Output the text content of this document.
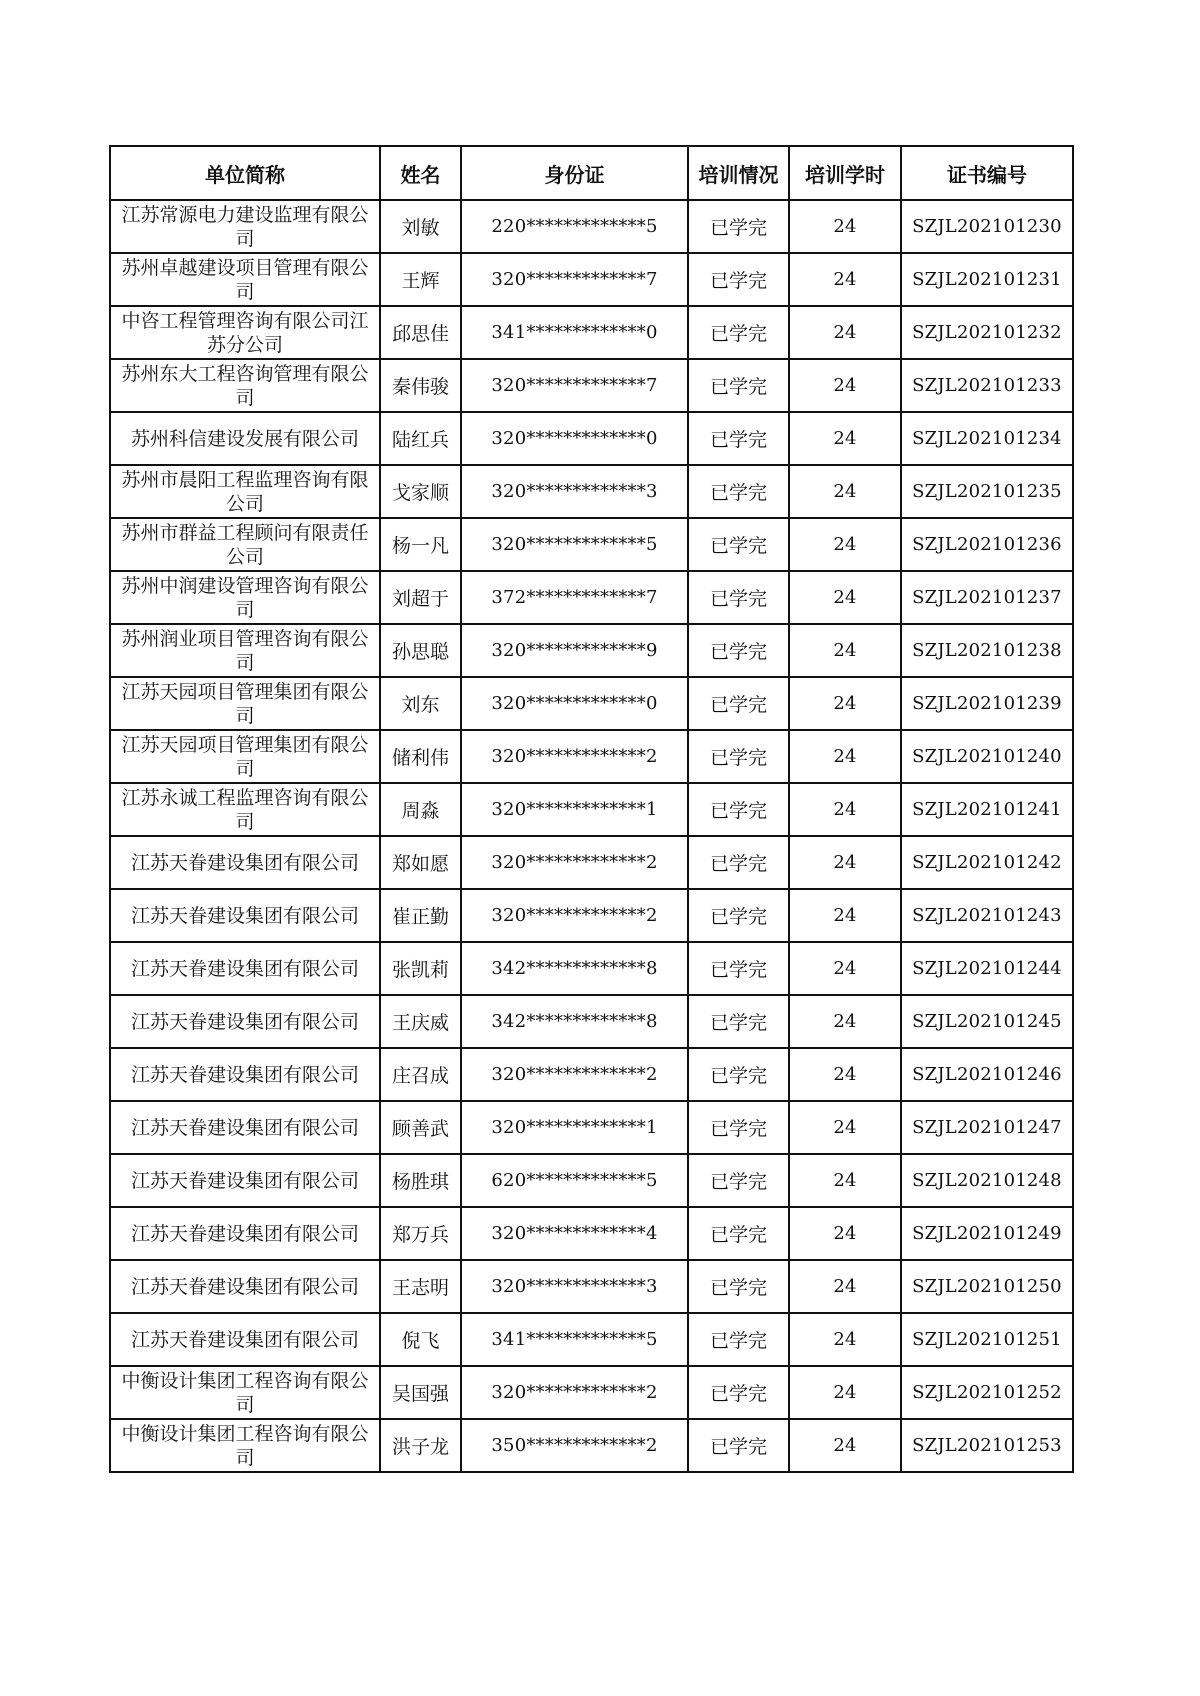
单位简称	姓名	身份证	培训情况	培训学时	证书编号
江苏常源电力建设监理有限公司	刘敏	220*************5	已学完	24	SZJL202101230
苏州卓越建设项目管理有限公司	王辉	320*************7	已学完	24	SZJL202101231
中咨工程管理咨询有限公司江苏分公司	邱思佳	341*************0	已学完	24	SZJL202101232
苏州东大工程咨询管理有限公司	秦伟骏	320*************7	已学完	24	SZJL202101233
苏州科信建设发展有限公司	陆红兵	320*************0	已学完	24	SZJL202101234
苏州市晨阳工程监理咨询有限公司	戈家顺	320*************3	已学完	24	SZJL202101235
苏州市群益工程顾问有限责任公司	杨一凡	320*************5	已学完	24	SZJL202101236
苏州中润建设管理咨询有限公司	刘超于	372*************7	已学完	24	SZJL202101237
苏州润业项目管理咨询有限公司	孙思聪	320*************9	已学完	24	SZJL202101238
江苏天园项目管理集团有限公司	刘东	320*************0	已学完	24	SZJL202101239
江苏天园项目管理集团有限公司	储利伟	320*************2	已学完	24	SZJL202101240
江苏永诚工程监理咨询有限公司	周淼	320*************1	已学完	24	SZJL202101241
江苏天眷建设集团有限公司	郑如愿	320*************2	已学完	24	SZJL202101242
江苏天眷建设集团有限公司	崔正勤	320*************2	已学完	24	SZJL202101243
江苏天眷建设集团有限公司	张凯莉	342*************8	已学完	24	SZJL202101244
江苏天眷建设集团有限公司	王庆威	342*************8	已学完	24	SZJL202101245
江苏天眷建设集团有限公司	庄召成	320*************2	已学完	24	SZJL202101246
江苏天眷建设集团有限公司	顾善武	320*************1	已学完	24	SZJL202101247
江苏天眷建设集团有限公司	杨胜琪	620*************5	已学完	24	SZJL202101248
江苏天眷建设集团有限公司	郑万兵	320*************4	已学完	24	SZJL202101249
江苏天眷建设集团有限公司	王志明	320*************3	已学完	24	SZJL202101250
江苏天眷建设集团有限公司	倪飞	341*************5	已学完	24	SZJL202101251
中衡设计集团工程咨询有限公司	吴国强	320*************2	已学完	24	SZJL202101252
中衡设计集团工程咨询有限公司	洪子龙	350*************2	已学完	24	SZJL202101253
